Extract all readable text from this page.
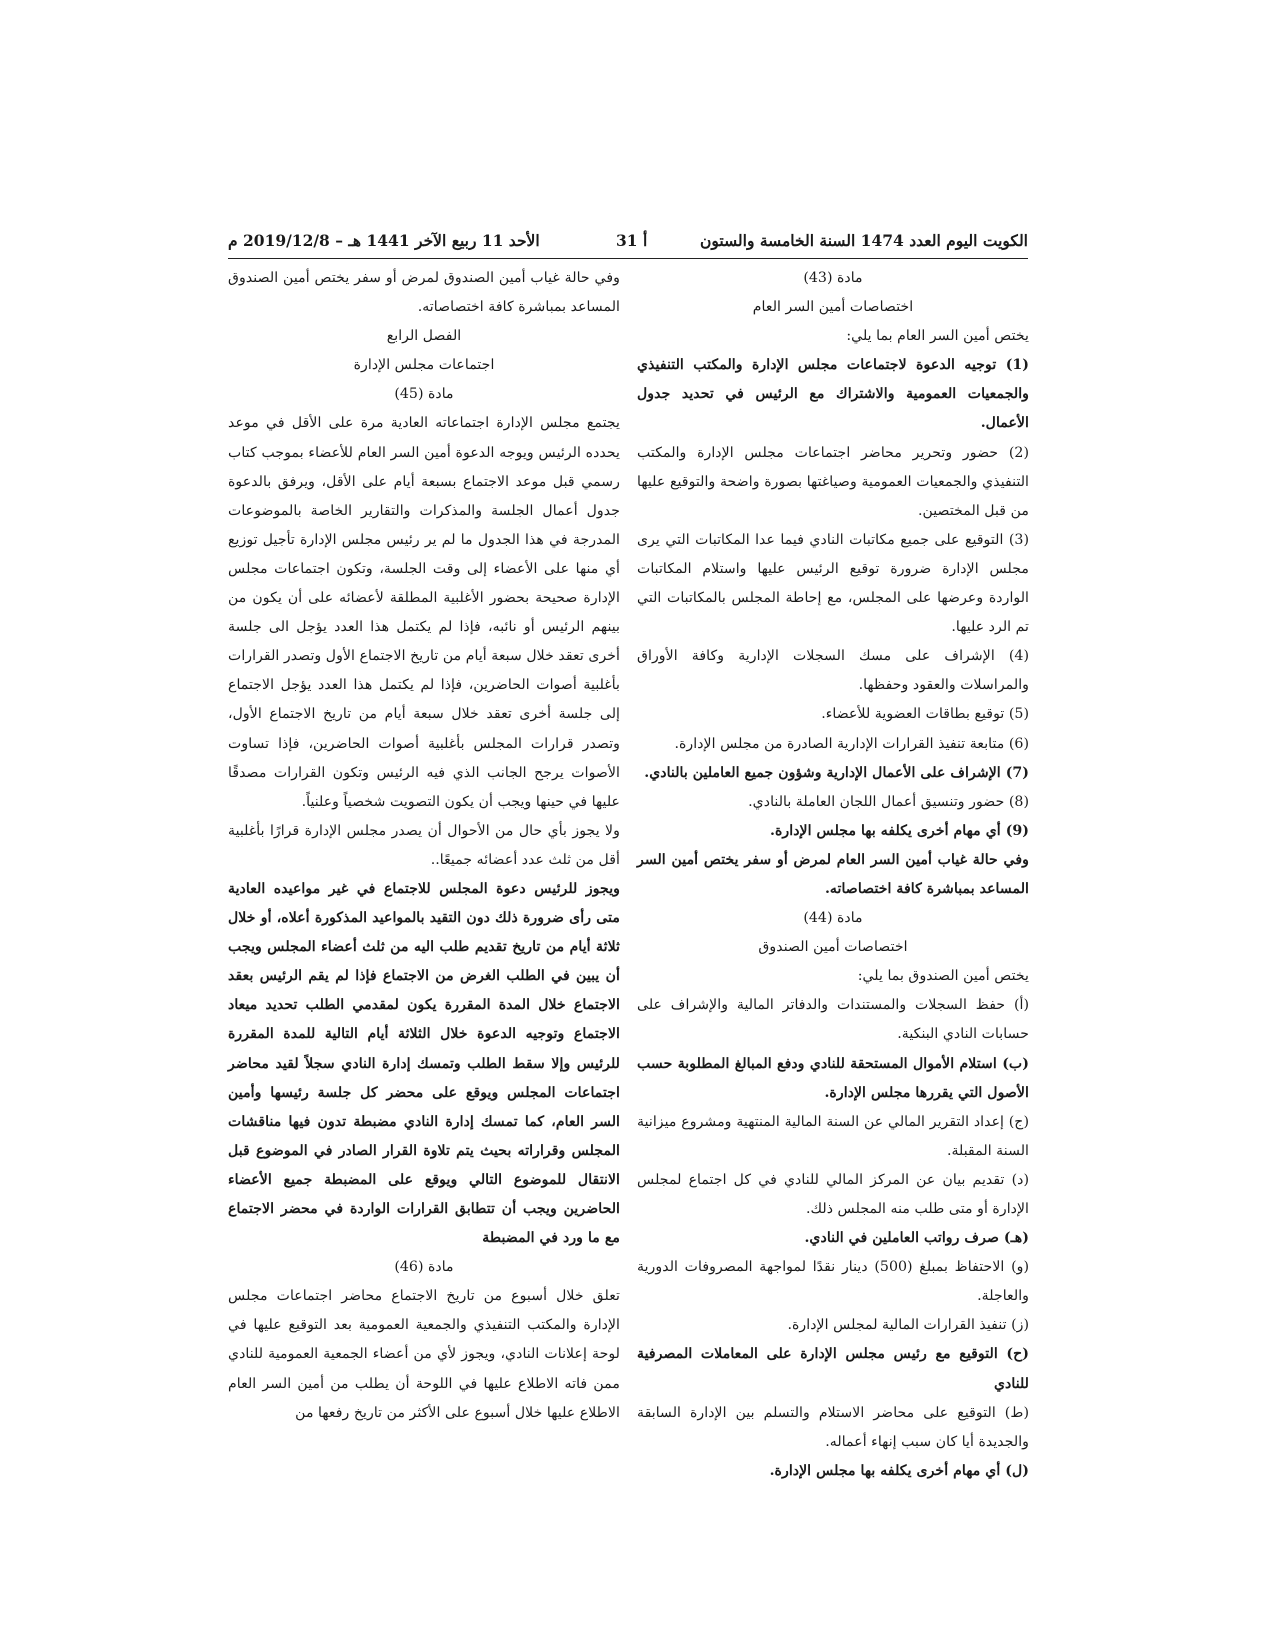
الكويت اليوم العدد 1474 السنة الخامسة والستون
أ 31
الأحد 11 ربيع الآخر 1441 هـ – 2019/12/8 م

مادة (43)

اختصاصات أمين السر العام

يختص أمين السر العام بما يلي:

(1) توجيه الدعوة لاجتماعات مجلس الإدارة والمكتب التنفيذي والجمعيات العمومية والاشتراك مع الرئيس في تحديد جدول الأعمال.

(2) حضور وتحرير محاضر اجتماعات مجلس الإدارة والمكتب التنفيذي والجمعيات العمومية وصياغتها بصورة واضحة والتوقيع عليها من قبل المختصين.

(3) التوقيع على جميع مكاتبات النادي فيما عدا المكاتبات التي يرى مجلس الإدارة ضرورة توقيع الرئيس عليها واستلام المكاتبات الواردة وعرضها على المجلس، مع إحاطة المجلس بالمكاتبات التي تم الرد عليها.

(4) الإشراف على مسك السجلات الإدارية وكافة الأوراق والمراسلات والعقود وحفظها.

(5) توقيع بطاقات العضوية للأعضاء.

(6) متابعة تنفيذ القرارات الإدارية الصادرة من مجلس الإدارة.

(7) الإشراف على الأعمال الإدارية وشؤون جميع العاملين بالنادي.

(8) حضور وتنسيق أعمال اللجان العاملة بالنادي.

(9) أي مهام أخرى يكلفه بها مجلس الإدارة.

وفي حالة غياب أمين السر العام لمرض أو سفر يختص أمين السر المساعد بمباشرة كافة اختصاصاته.

مادة (44)

اختصاصات أمين الصندوق

يختص أمين الصندوق بما يلي:

(أ) حفظ السجلات والمستندات والدفاتر المالية والإشراف على حسابات النادي البنكية.

(ب) استلام الأموال المستحقة للنادي ودفع المبالغ المطلوبة حسب الأصول التي يقررها مجلس الإدارة.

(ج) إعداد التقرير المالي عن السنة المالية المنتهية ومشروع ميزانية السنة المقبلة.

(د) تقديم بيان عن المركز المالي للنادي في كل اجتماع لمجلس الإدارة أو متى طلب منه المجلس ذلك.

(هـ) صرف رواتب العاملين في النادي.

(و) الاحتفاظ بمبلغ (500) دينار نقدًا لمواجهة المصروفات الدورية والعاجلة.

(ز) تنفيذ القرارات المالية لمجلس الإدارة.

(ح) التوقيع مع رئيس مجلس الإدارة على المعاملات المصرفية للنادي

(ط) التوقيع على محاضر الاستلام والتسلم بين الإدارة السابقة والجديدة أيا كان سبب إنهاء أعماله.

(ل) أي مهام أخرى يكلفه بها مجلس الإدارة.

وفي حالة غياب أمين الصندوق لمرض أو سفر يختص أمين الصندوق المساعد بمباشرة كافة اختصاصاته.

الفصل الرابع

اجتماعات مجلس الإدارة

مادة (45)

يجتمع مجلس الإدارة اجتماعاته العادية مرة على الأقل في موعد يحدده الرئيس ويوجه الدعوة أمين السر العام للأعضاء بموجب كتاب رسمي قبل موعد الاجتماع بسبعة أيام على الأقل، ويرفق بالدعوة جدول أعمال الجلسة والمذكرات والتقارير الخاصة بالموضوعات المدرجة في هذا الجدول ما لم ير رئيس مجلس الإدارة تأجيل توزيع أي منها على الأعضاء إلى وقت الجلسة، وتكون اجتماعات مجلس الإدارة صحيحة بحضور الأغلبية المطلقة لأعضائه على أن يكون من بينهم الرئيس أو نائبه، فإذا لم يكتمل هذا العدد يؤجل الى جلسة أخرى تعقد خلال سبعة أيام من تاريخ الاجتماع الأول وتصدر القرارات بأغلبية أصوات الحاضرين، فإذا لم يكتمل هذا العدد يؤجل الاجتماع إلى جلسة أخرى تعقد خلال سبعة أيام من تاريخ الاجتماع الأول، وتصدر قرارات المجلس بأغلبية أصوات الحاضرين، فإذا تساوت الأصوات يرجح الجانب الذي فيه الرئيس وتكون القرارات مصدقًا عليها في حينها ويجب أن يكون التصويت شخصياً وعلنياً.

ولا يجوز بأي حال من الأحوال أن يصدر مجلس الإدارة قرارًا بأغلبية أقل من ثلث عدد أعضائه جميعًا..

ويجوز للرئيس دعوة المجلس للاجتماع في غير مواعيده العادية متى رأى ضرورة ذلك دون التقيد بالمواعيد المذكورة أعلاه، أو خلال ثلاثة أيام من تاريخ تقديم طلب اليه من ثلث أعضاء المجلس ويجب أن يبين في الطلب الغرض من الاجتماع فإذا لم يقم الرئيس بعقد الاجتماع خلال المدة المقررة يكون لمقدمي الطلب تحديد ميعاد الاجتماع وتوجيه الدعوة خلال الثلاثة أيام التالية للمدة المقررة للرئيس وإلا سقط الطلب وتمسك إدارة النادي سجلاً لقيد محاضر اجتماعات المجلس ويوقع على محضر كل جلسة رئيسها وأمين السر العام، كما تمسك إدارة النادي مضبطة تدون فيها مناقشات المجلس وقراراته بحيث يتم تلاوة القرار الصادر في الموضوع قبل الانتقال للموضوع التالي ويوقع على المضبطة جميع الأعضاء الحاضرين ويجب أن تتطابق القرارات الواردة في محضر الاجتماع مع ما ورد في المضبطة

مادة (46)

تعلق خلال أسبوع من تاريخ الاجتماع محاضر اجتماعات مجلس الإدارة والمكتب التنفيذي والجمعية العمومية بعد التوقيع عليها في لوحة إعلانات النادي، ويجوز لأي من أعضاء الجمعية العمومية للنادي ممن فاته الاطلاع عليها في اللوحة أن يطلب من أمين السر العام الاطلاع عليها خلال أسبوع على الأكثر من تاريخ رفعها من
